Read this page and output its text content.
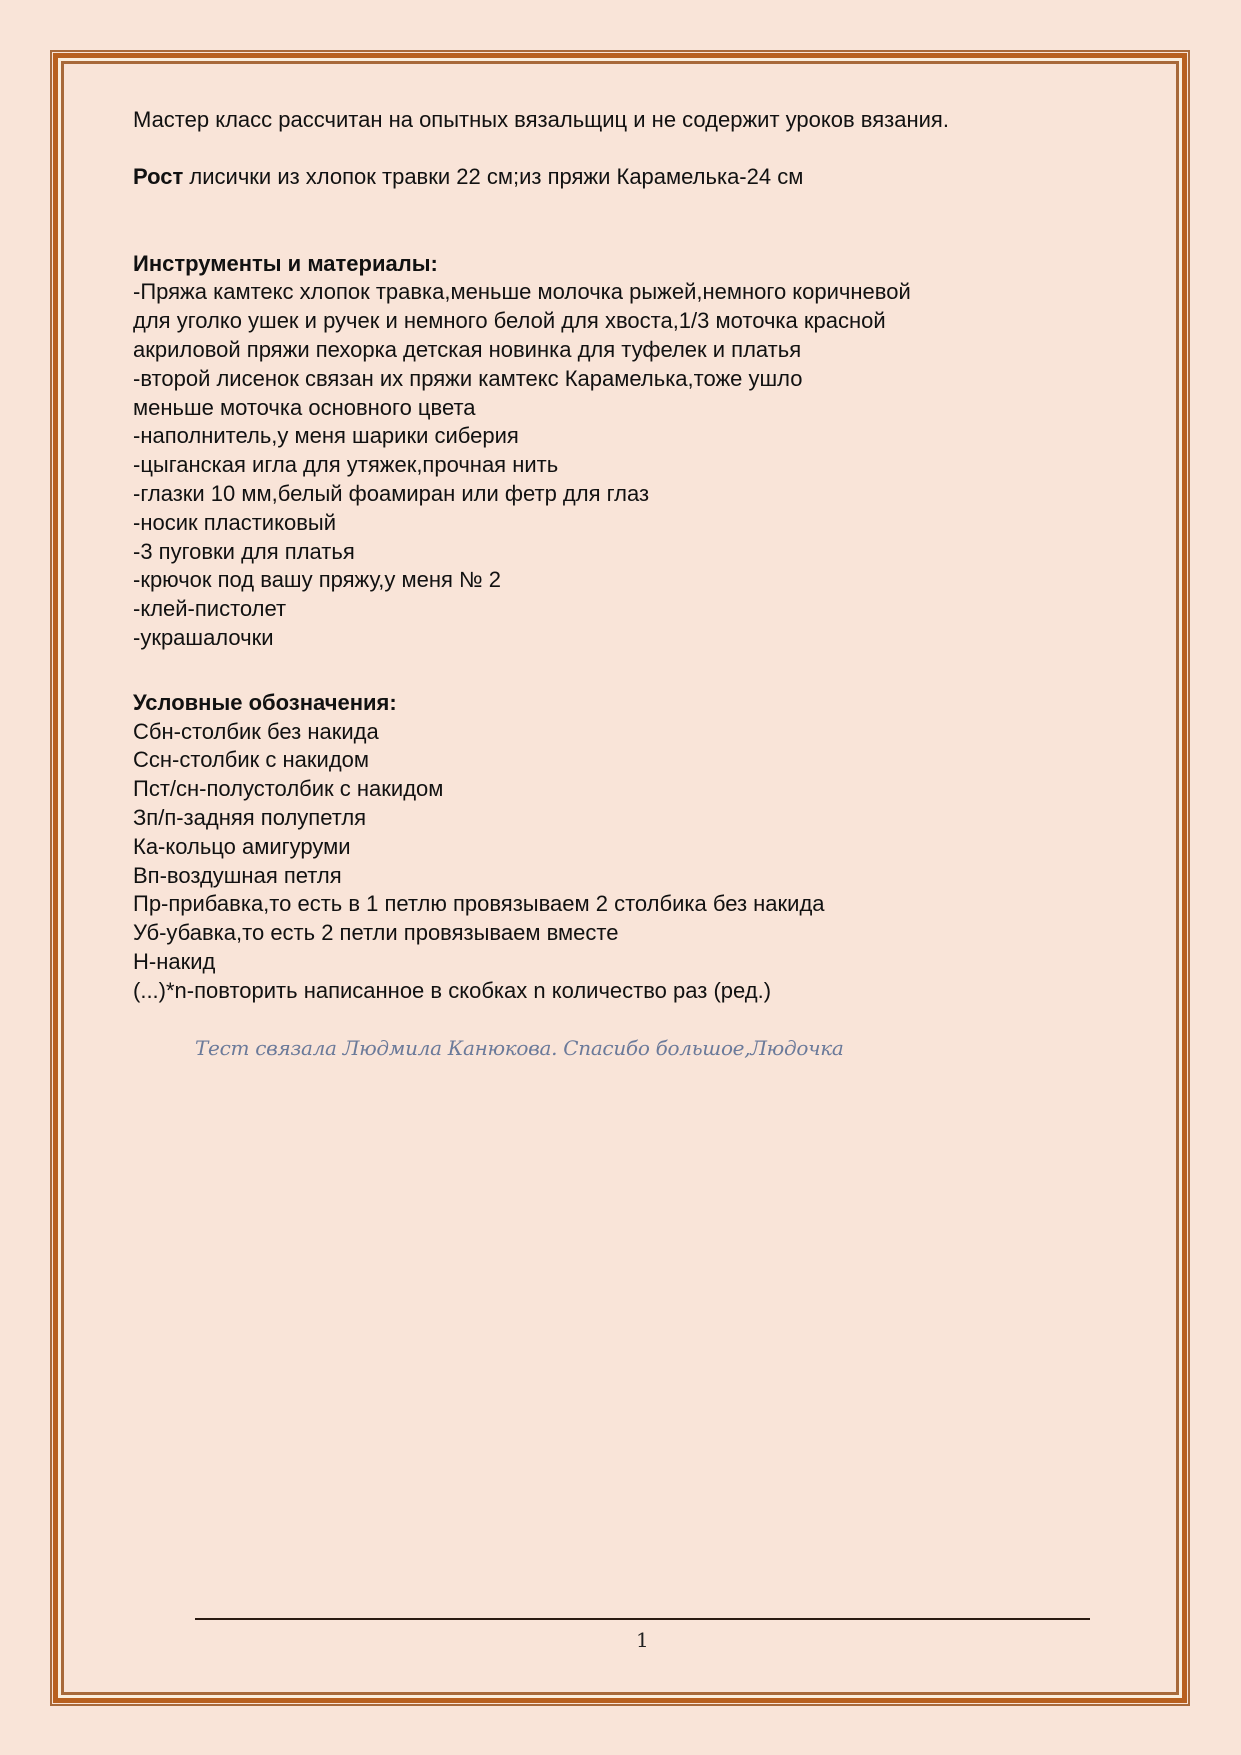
Мастер класс рассчитан на опытных вязальщиц и не содержит уроков вязания.

Рост лисички из хлопок травки 22 см;из пряжи Карамелька-24 см

Инструменты и материалы:

-Пряжа камтекс хлопок травка,меньше молочка рыжей,немного коричневой

для уголко ушек и ручек и немного белой для хвоста,1/3 моточка красной

акриловой пряжи пехорка детская новинка для туфелек и платья

-второй лисенок связан их пряжи камтекс Карамелька,тоже ушло

меньше моточка основного цвета

-наполнитель,у меня шарики сиберия

-цыганская игла для утяжек,прочная нить

-глазки 10 мм,белый фоамиран или фетр для глаз

-носик пластиковый

-3 пуговки для платья

-крючок под вашу пряжу,у меня № 2

-клей-пистолет

-украшалочки

Условные обозначения:

Сбн-столбик без накида

Ссн-столбик с накидом

Пст/сн-полустолбик с накидом

Зп/п-задняя полупетля

Ка-кольцо амигуруми

Вп-воздушная петля

Пр-прибавка,то есть в 1 петлю провязываем 2 столбика без накида

Уб-убавка,то есть 2 петли провязываем вместе

Н-накид

(...)*n-повторить написанное в скобках n количество раз (ред.)

Тест связала Людмила Канюкова. Спасибо большое,Людочка
1
